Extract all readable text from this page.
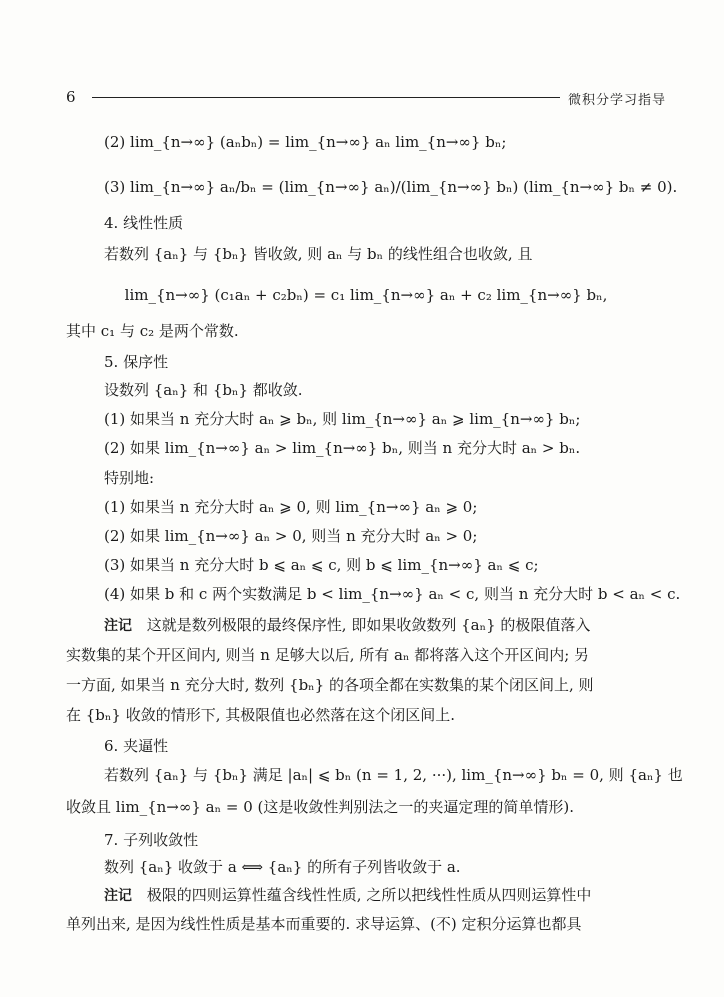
6	微积分学习指导
(2) lim_{n→∞} (aₙbₙ) = lim_{n→∞} aₙ lim_{n→∞} bₙ;
(3) lim_{n→∞} aₙ/bₙ = (lim_{n→∞} aₙ)/(lim_{n→∞} bₙ) (lim_{n→∞} bₙ ≠ 0).
4. 线性性质
若数列 {aₙ} 与 {bₙ} 皆收敛, 则 aₙ 与 bₙ 的线性组合也收敛, 且
lim_{n→∞} (c₁aₙ + c₂bₙ) = c₁ lim_{n→∞} aₙ + c₂ lim_{n→∞} bₙ,
其中 c₁ 与 c₂ 是两个常数.
5. 保序性
设数列 {aₙ} 和 {bₙ} 都收敛.
(1) 如果当 n 充分大时 aₙ ⩾ bₙ, 则 lim_{n→∞} aₙ ⩾ lim_{n→∞} bₙ;
(2) 如果 lim_{n→∞} aₙ > lim_{n→∞} bₙ, 则当 n 充分大时 aₙ > bₙ.
特别地:
(1) 如果当 n 充分大时 aₙ ⩾ 0, 则 lim_{n→∞} aₙ ⩾ 0;
(2) 如果 lim_{n→∞} aₙ > 0, 则当 n 充分大时 aₙ > 0;
(3) 如果当 n 充分大时 b ⩽ aₙ ⩽ c, 则 b ⩽ lim_{n→∞} aₙ ⩽ c;
(4) 如果 b 和 c 两个实数满足 b < lim_{n→∞} aₙ < c, 则当 n 充分大时 b < aₙ < c.
注记 这就是数列极限的最终保序性, 即如果收敛数列 {aₙ} 的极限值落入
实数集的某个开区间内, 则当 n 足够大以后, 所有 aₙ 都将落入这个开区间内; 另
一方面, 如果当 n 充分大时, 数列 {bₙ} 的各项全都在实数集的某个闭区间上, 则
在 {bₙ} 收敛的情形下, 其极限值也必然落在这个闭区间上.
6. 夹逼性
若数列 {aₙ} 与 {bₙ} 满足 |aₙ| ⩽ bₙ (n = 1, 2, ···), lim_{n→∞} bₙ = 0, 则 {aₙ} 也
收敛且 lim_{n→∞} aₙ = 0 (这是收敛性判别法之一的夹逼定理的简单情形).
7. 子列收敛性
数列 {aₙ} 收敛于 a ⟺ {aₙ} 的所有子列皆收敛于 a.
注记 极限的四则运算性蕴含线性性质, 之所以把线性性质从四则运算性中
单列出来, 是因为线性性质是基本而重要的. 求导运算、(不) 定积分运算也都具
